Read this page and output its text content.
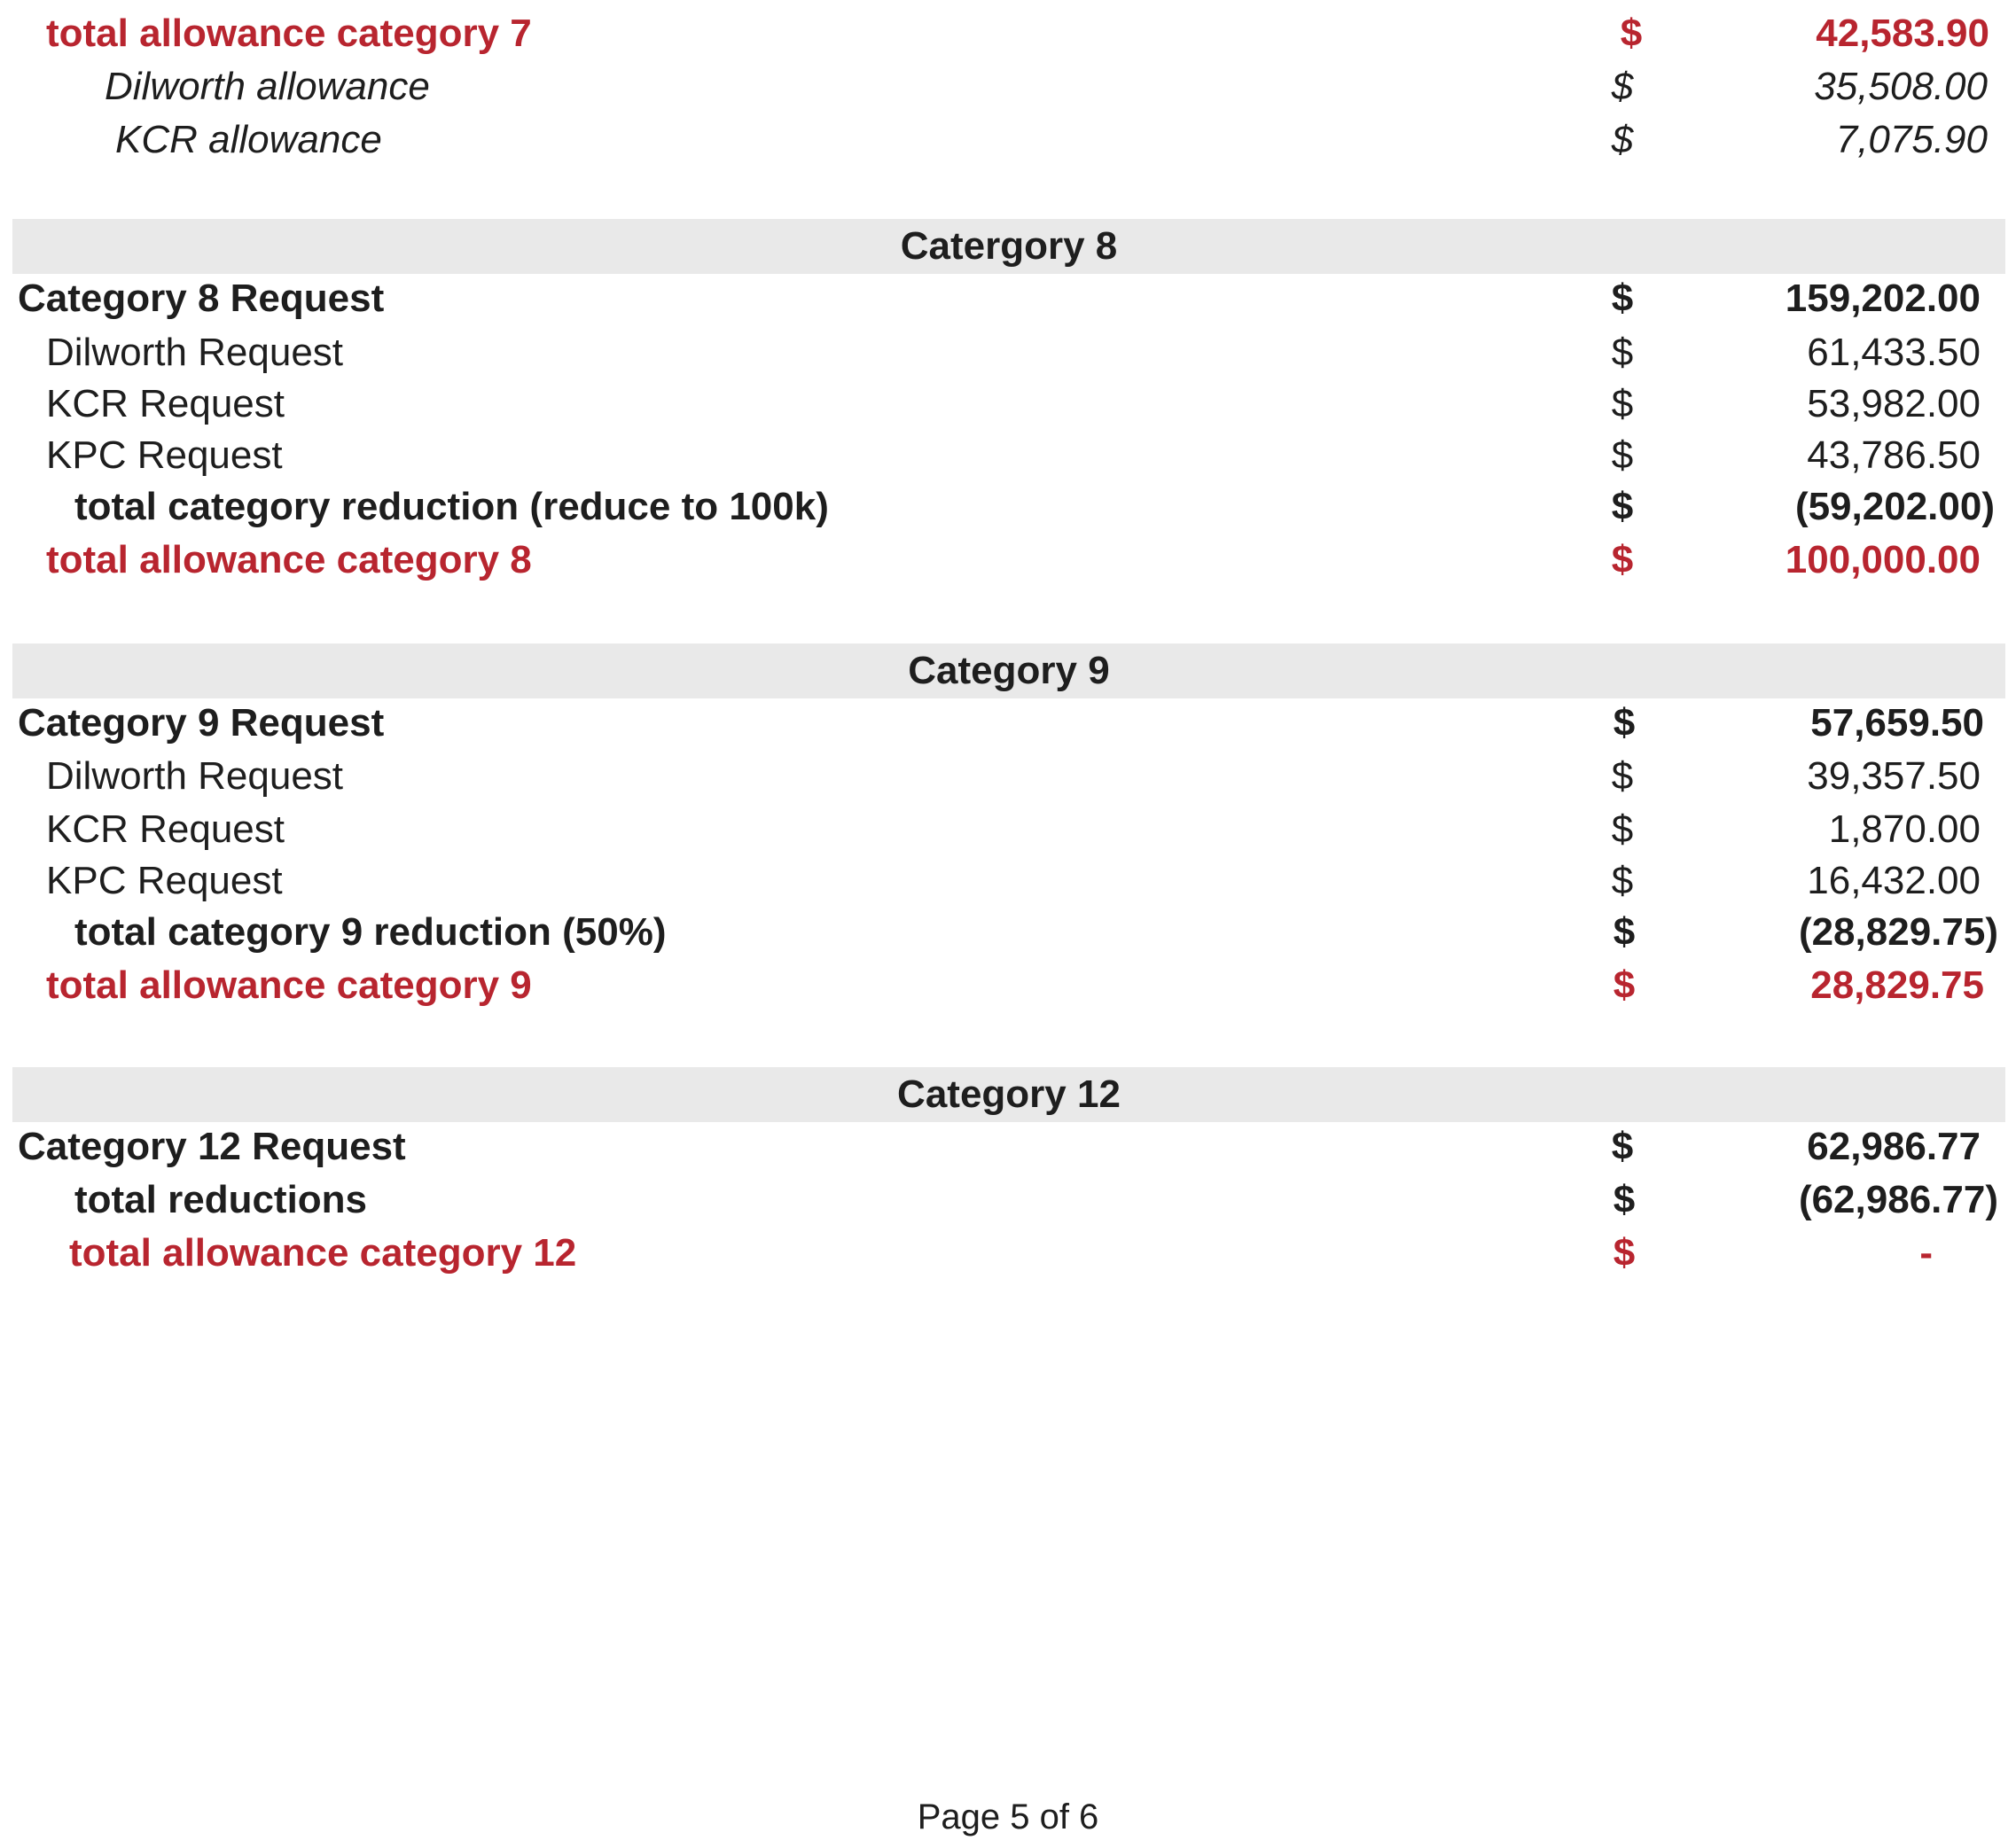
total allowance category 7	$	42,583.90
Dilworth allowance	$	35,508.00
KCR allowance	$	7,075.90
Catergory 8
Category 8 Request	$	159,202.00
Dilworth Request	$	61,433.50
KCR Request	$	53,982.00
KPC Request	$	43,786.50
total category reduction (reduce to 100k)	$	(59,202.00)
total allowance category 8	$	100,000.00
Category 9
Category 9 Request	$	57,659.50
Dilworth Request	$	39,357.50
KCR Request	$	1,870.00
KPC Request	$	16,432.00
total category 9 reduction (50%)	$	(28,829.75)
total allowance category 9	$	28,829.75
Category 12
Category 12 Request	$	62,986.77
total reductions	$	(62,986.77)
total allowance category 12	$	-
Page 5 of 6
